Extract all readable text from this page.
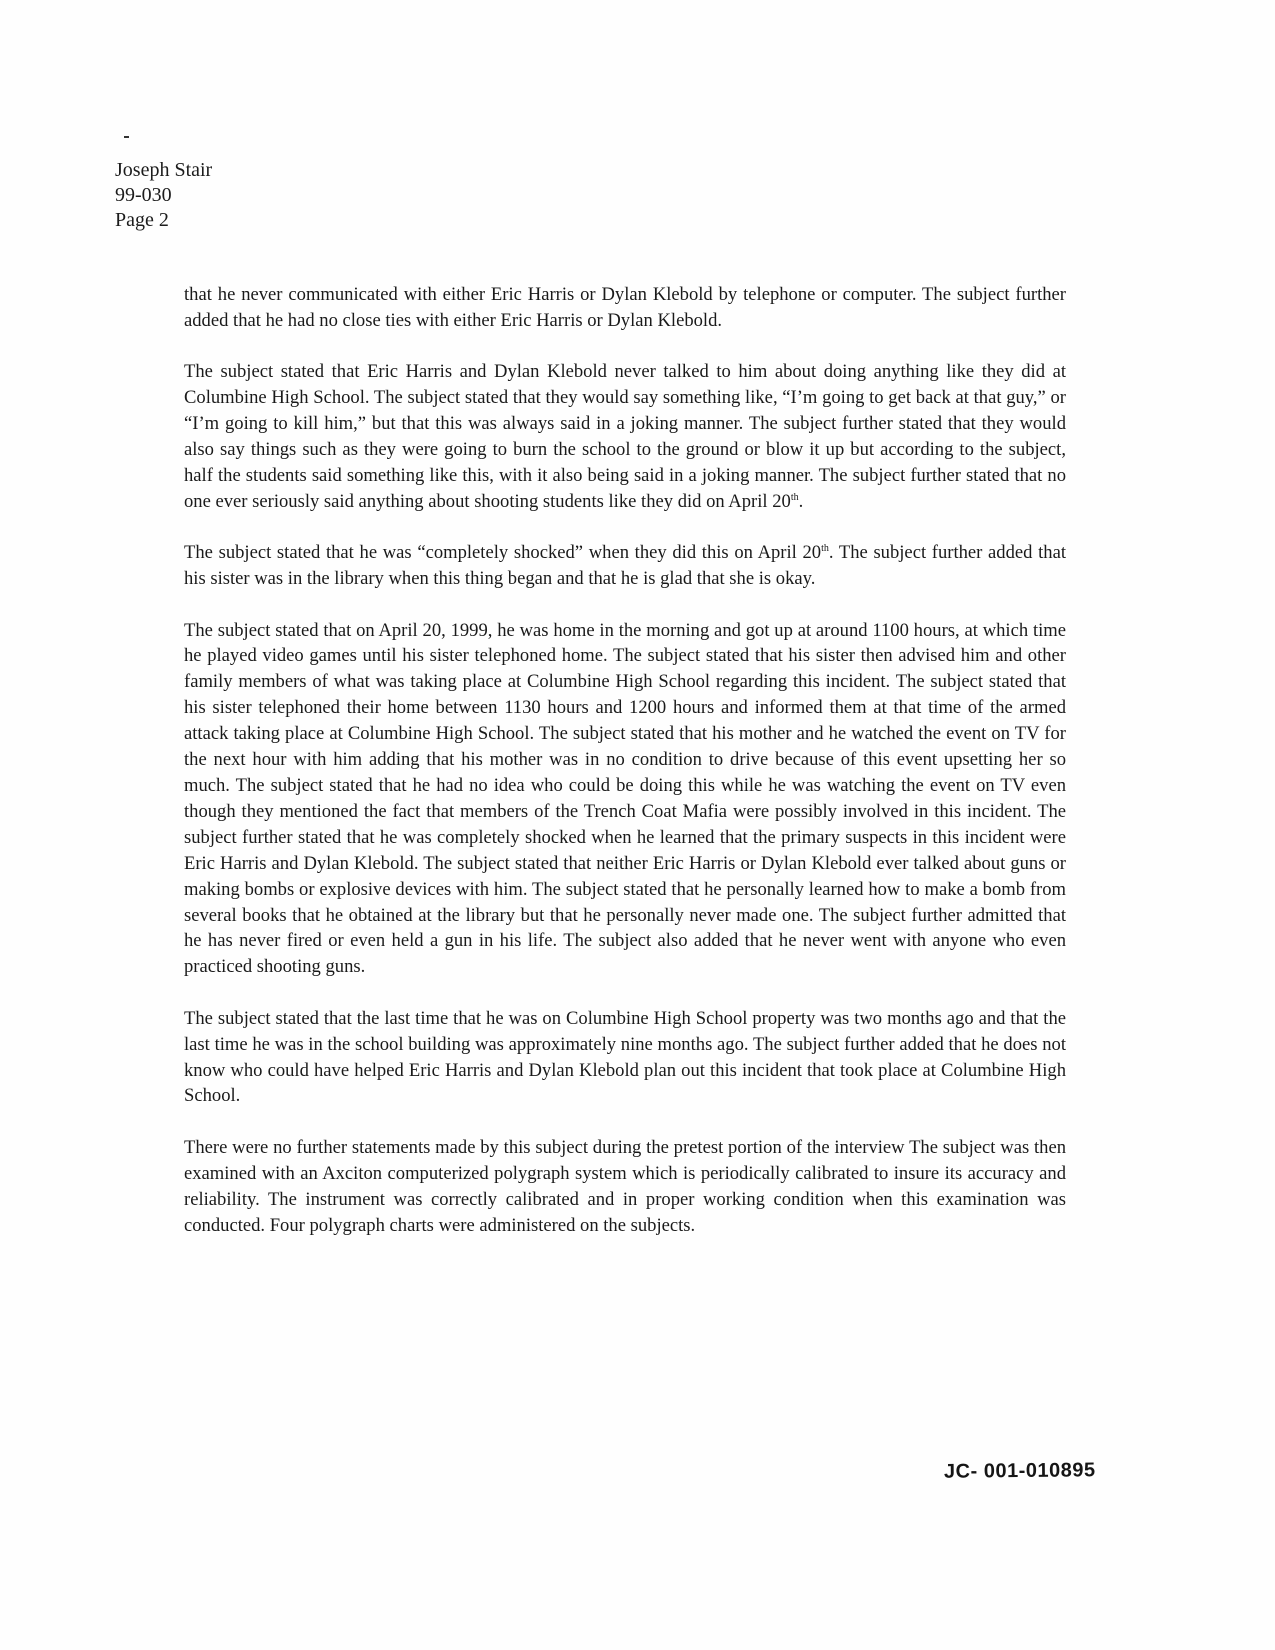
Joseph Stair
99-030
Page 2

that he never communicated with either Eric Harris or Dylan Klebold by telephone or computer. The subject further added that he had no close ties with either Eric Harris or Dylan Klebold.

The subject stated that Eric Harris and Dylan Klebold never talked to him about doing anything like they did at Columbine High School. The subject stated that they would say something like, “I’m going to get back at that guy,” or “I’m going to kill him,” but that this was always said in a joking manner. The subject further stated that they would also say things such as they were going to burn the school to the ground or blow it up but according to the subject, half the students said something like this, with it also being said in a joking manner. The subject further stated that no one ever seriously said anything about shooting students like they did on April 20th.

The subject stated that he was “completely shocked” when they did this on April 20th. The subject further added that his sister was in the library when this thing began and that he is glad that she is okay.

The subject stated that on April 20, 1999, he was home in the morning and got up at around 1100 hours, at which time he played video games until his sister telephoned home. The subject stated that his sister then advised him and other family members of what was taking place at Columbine High School regarding this incident. The subject stated that his sister telephoned their home between 1130 hours and 1200 hours and informed them at that time of the armed attack taking place at Columbine High School. The subject stated that his mother and he watched the event on TV for the next hour with him adding that his mother was in no condition to drive because of this event upsetting her so much. The subject stated that he had no idea who could be doing this while he was watching the event on TV even though they mentioned the fact that members of the Trench Coat Mafia were possibly involved in this incident. The subject further stated that he was completely shocked when he learned that the primary suspects in this incident were Eric Harris and Dylan Klebold. The subject stated that neither Eric Harris or Dylan Klebold ever talked about guns or making bombs or explosive devices with him. The subject stated that he personally learned how to make a bomb from several books that he obtained at the library but that he personally never made one. The subject further admitted that he has never fired or even held a gun in his life. The subject also added that he never went with anyone who even practiced shooting guns.

The subject stated that the last time that he was on Columbine High School property was two months ago and that the last time he was in the school building was approximately nine months ago. The subject further added that he does not know who could have helped Eric Harris and Dylan Klebold plan out this incident that took place at Columbine High School.

There were no further statements made by this subject during the pretest portion of the interview The subject was then examined with an Axciton computerized polygraph system which is periodically calibrated to insure its accuracy and reliability. The instrument was correctly calibrated and in proper working condition when this examination was conducted. Four polygraph charts were administered on the subjects.

JC- 001-010895
